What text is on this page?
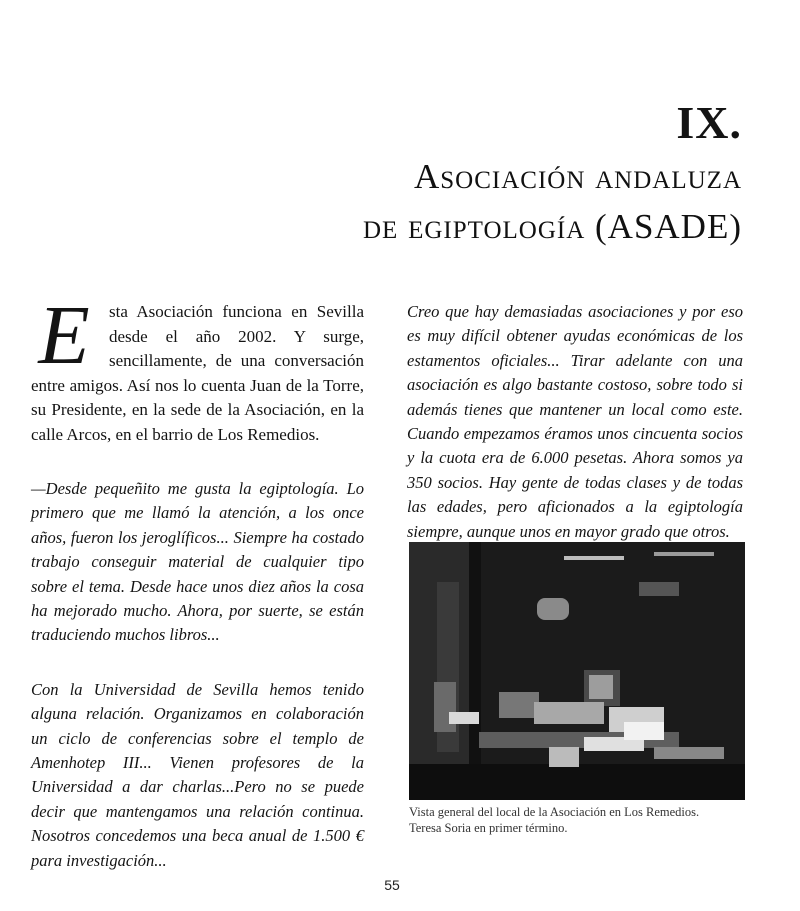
IX.
Asociación andaluza
de egiptología (ASADE)

E	sta Asociación funciona en Sevilla desde el año 2002. Y surge, sencillamente, de una conversación entre amigos. Así nos lo cuenta Juan de la Torre, su Presidente, en la sede de la Asociación, en la calle Arcos, en el barrio de Los Remedios.

—Desde pequeñito me gusta la egiptología. Lo primero que me llamó la atención, a los once años, fueron los jeroglíficos... Siempre ha costado trabajo conseguir material de cualquier tipo sobre el tema. Desde hace unos diez años la cosa ha mejorado mucho. Ahora, por suerte, se están traduciendo muchos libros...

Con la Universidad de Sevilla hemos tenido alguna relación. Organizamos en colaboración un ciclo de conferencias sobre el templo de Amenhotep III... Vienen profesores de la Universidad a dar charlas...Pero no se puede decir que mantengamos una relación continua. Nosotros concedemos una beca anual de 1.500 € para investigación...

Creo que hay demasiadas asociaciones y por eso es muy difícil obtener ayudas económicas de los estamentos oficiales... Tirar adelante con una asociación es algo bastante costoso, sobre todo si además tienes que mantener un local como este. Cuando empezamos éramos unos cincuenta socios y la cuota era de 6.000 pesetas. Ahora somos ya 350 socios. Hay gente de todas clases y de todas las edades, pero aficionados a la egiptología siempre, aunque unos en mayor grado que otros.

Vista general del local de la Asociación en Los Remedios.
Teresa Soria en primer término.
55
